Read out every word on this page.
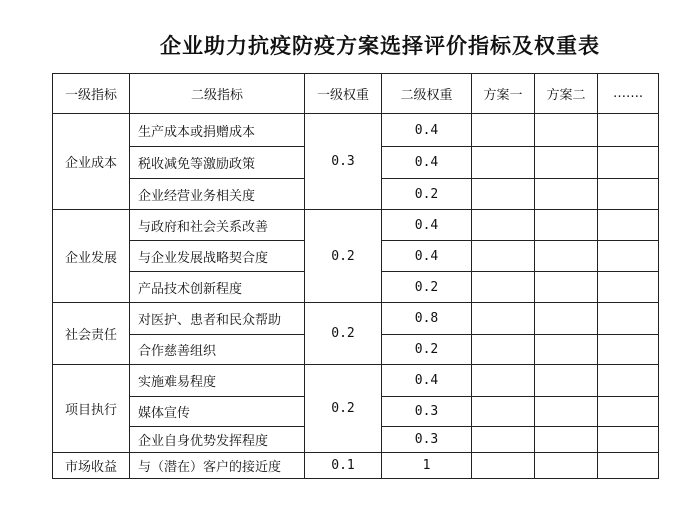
企业助力抗疫防疫方案选择评价指标及权重表
一级指标	二级指标	一级权重	二级权重	方案一	方案二	…‥..
企业成本	生产成本或捐赠成本	0.3	0.4			
	税收减免等激励政策		0.4			
	企业经营业务相关度		0.2			
企业发展	与政府和社会关系改善	0.2	0.4			
	与企业发展战略契合度		0.4			
	产品技术创新程度		0.2			
社会责任	对医护、患者和民众帮助	0.2	0.8			
	合作慈善组织		0.2			
项目执行	实施难易程度	0.2	0.4			
	媒体宣传		0.3			
	企业自身优势发挥程度		0.3			
市场收益	与（潜在）客户的接近度	0.1	1			
